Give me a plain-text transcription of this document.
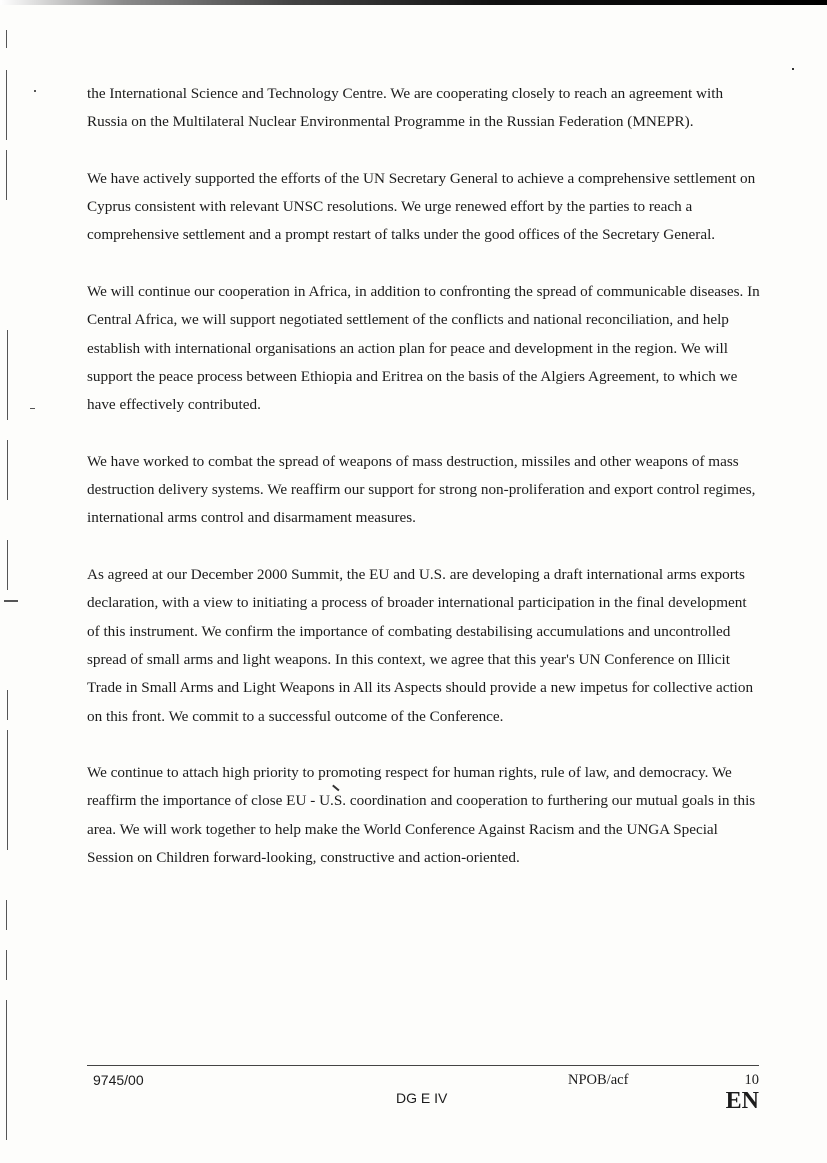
the International Science and Technology Centre. We are cooperating closely to reach an agreement with Russia on the Multilateral Nuclear Environmental Programme in the Russian Federation (MNEPR).

We have actively supported the efforts of the UN Secretary General to achieve a comprehensive settlement on Cyprus consistent with relevant UNSC resolutions. We urge renewed effort by the parties to reach a comprehensive settlement and a prompt restart of talks under the good offices of the Secretary General.

We will continue our cooperation in Africa, in addition to confronting the spread of communicable diseases. In Central Africa, we will support negotiated settlement of the conflicts and national reconciliation, and help establish with international organisations an action plan for peace and development in the region. We will support the peace process between Ethiopia and Eritrea on the basis of the Algiers Agreement, to which we have effectively contributed.

We have worked to combat the spread of weapons of mass destruction, missiles and other weapons of mass destruction delivery systems. We reaffirm our support for strong non-proliferation and export control regimes, international arms control and disarmament measures.

As agreed at our December 2000 Summit, the EU and U.S. are developing a draft international arms exports declaration, with a view to initiating a process of broader international participation in the final development of this instrument. We confirm the importance of combating destabilising accumulations and uncontrolled spread of small arms and light weapons. In this context, we agree that this year's UN Conference on Illicit Trade in Small Arms and Light Weapons in All its Aspects should provide a new impetus for collective action on this front. We commit to a successful outcome of the Conference.

We continue to attach high priority to promoting respect for human rights, rule of law, and democracy. We reaffirm the importance of close EU - U.S. coordination and cooperation to furthering our mutual goals in this area. We will work together to help make the World Conference Against Racism and the UNGA Special Session on Children forward-looking, constructive and action-oriented.

9745/00
DG E IV
NPOB/acf	10
EN
